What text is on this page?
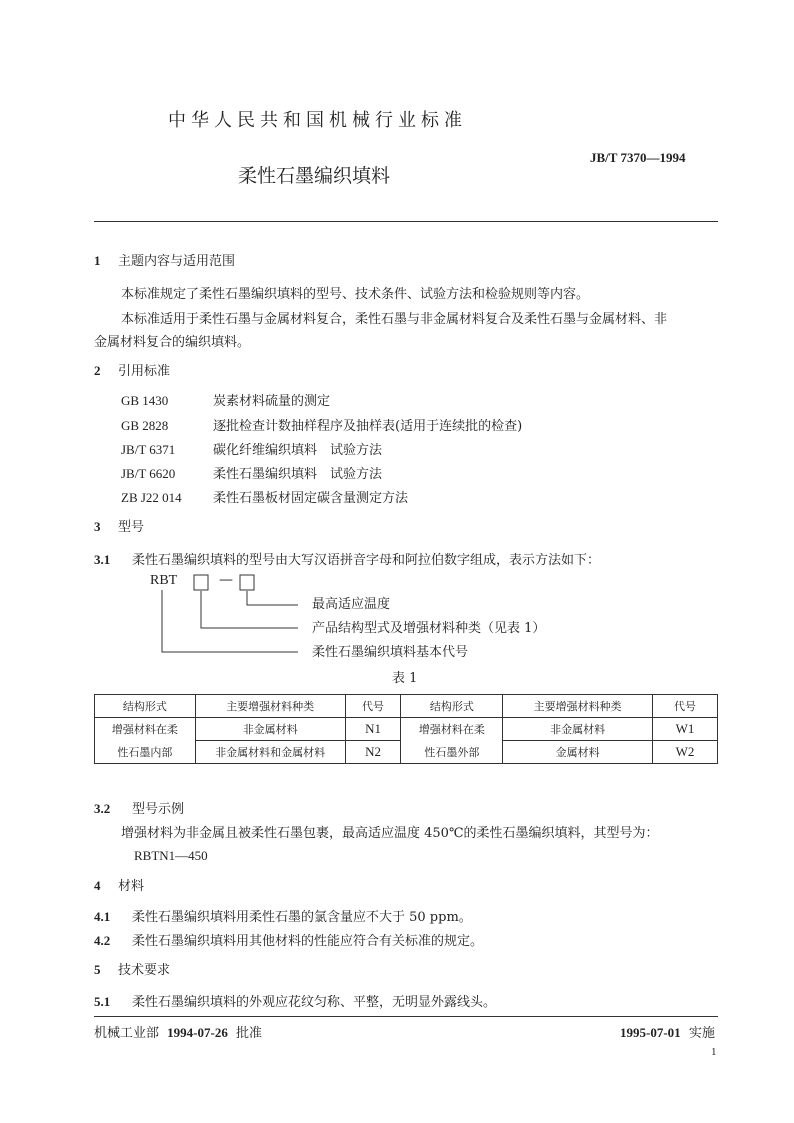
中华人民共和国机械行业标准
JB/T 7370—1994
柔性石墨编织填料
1 主题内容与适用范围
本标准规定了柔性石墨编织填料的型号、技术条件、试验方法和检验规则等内容。
本标准适用于柔性石墨与金属材料复合，柔性石墨与非金属材料复合及柔性石墨与金属材料、非
金属材料复合的编织填料。
2 引用标准
GB 1430	炭素材料硫量的测定
GB 2828	逐批检查计数抽样程序及抽样表(适用于连续批的检查)
JB/T 6371	碳化纤维编织填料　试验方法
JB/T 6620	柔性石墨编织填料　试验方法
ZB J22 014 柔性石墨板材固定碳含量测定方法
3 型号
3.1 柔性石墨编织填料的型号由大写汉语拼音字母和阿拉伯数字组成，表示方法如下：
RBT	—
最高适应温度
产品结构型式及增强材料种类（见表 1）
柔性石墨编织填料基本代号
表 1
结构形式	主要增强材料种类	代号	结构形式	主要增强材料种类	代号
增强材料在柔	非金属材料	N1	增强材料在柔	非金属材料	W1
性石墨内部	非金属材料和金属材料	N2	性石墨外部	金属材料	W2
3.2 型号示例
增强材料为非金属且被柔性石墨包裹，最高适应温度 450℃的柔性石墨编织填料，其型号为：
RBTN1—450
4 材料
4.1 柔性石墨编织填料用柔性石墨的氯含量应不大于 50 ppm。
4.2 柔性石墨编织填料用其他材料的性能应符合有关标准的规定。
5 技术要求
5.1 柔性石墨编织填料的外观应花纹匀称、平整，无明显外露线头。
机械工业部 1994-07-26 批准	1995-07-01 实施
1
